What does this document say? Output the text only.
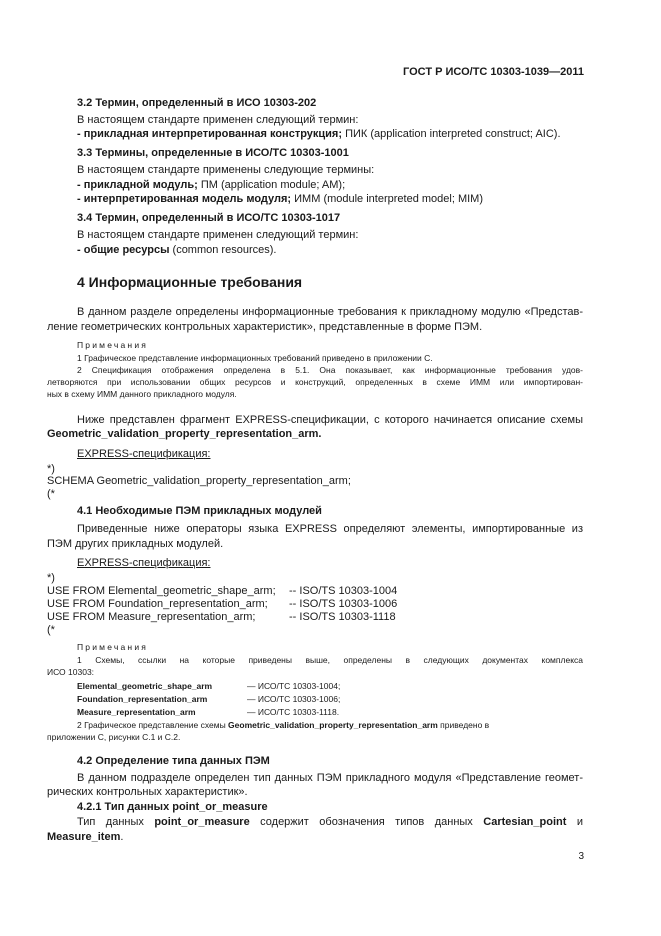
ГОСТ Р ИСО/ТС 10303-1039—2011
3.2 Термин, определенный в ИСО 10303-202
В настоящем стандарте применен следующий термин:
- прикладная интерпретированная конструкция; ПИК (application interpreted construct; AIC).
3.3 Термины, определенные в ИСО/ТС 10303-1001
В настоящем стандарте применены следующие термины:
- прикладной модуль; ПМ (application module; AM);
- интерпретированная модель модуля; ИММ (module interpreted model; MIM)
3.4 Термин, определенный в ИСО/ТС 10303-1017
В настоящем стандарте применен следующий термин:
- общие ресурсы (common resources).
4 Информационные требования
В данном разделе определены информационные требования к прикладному модулю «Представ-
ление геометрических контрольных характеристик», представленные в форме ПЭМ.
Примечания
1 Графическое представление информационных требований приведено в приложении С.
2 Спецификация отображения определена в 5.1. Она показывает, как информационные требования удов-
летворяются при использовании общих ресурсов и конструкций, определенных в схеме ИММ или импортирован-
ных в схему ИММ данного прикладного модуля.
Ниже представлен фрагмент EXPRESS-спецификации, с которого начинается описание схемы
Geometric_validation_property_representation_arm.
EXPRESS-спецификация:
*)
SCHEMA Geometric_validation_property_representation_arm;
(*
4.1 Необходимые ПЭМ прикладных модулей
Приведенные ниже операторы языка EXPRESS определяют элементы, импортированные из
ПЭМ других прикладных модулей.
EXPRESS-спецификация:
*)
USE FROM Elemental_geometric_shape_arm; -- ISO/TS 10303-1004
USE FROM Foundation_representation_arm; -- ISO/TS 10303-1006
USE FROM Measure_representation_arm;	-- ISO/TS 10303-1118
(*
Примечания
1 Схемы, ссылки на которые приведены выше, определены в следующих документах комплекса
ИСО 10303:
Elemental_geometric_shape_arm	— ИСО/ТС 10303-1004;
Foundation_representation_arm	— ИСО/ТС 10303-1006;
Measure_representation_arm	— ИСО/ТС 10303-1118.
2 Графическое представление схемы Geometric_validation_property_representation_arm приведено в
приложении С, рисунки С.1 и С.2.
4.2 Определение типа данных ПЭМ
В данном подразделе определен тип данных ПЭМ прикладного модуля «Представление геомет-
рических контрольных характеристик».
4.2.1 Тип данных point_or_measure
Тип данных point_or_measure содержит обозначения типов данных Cartesian_point и
Measure_item.
3
